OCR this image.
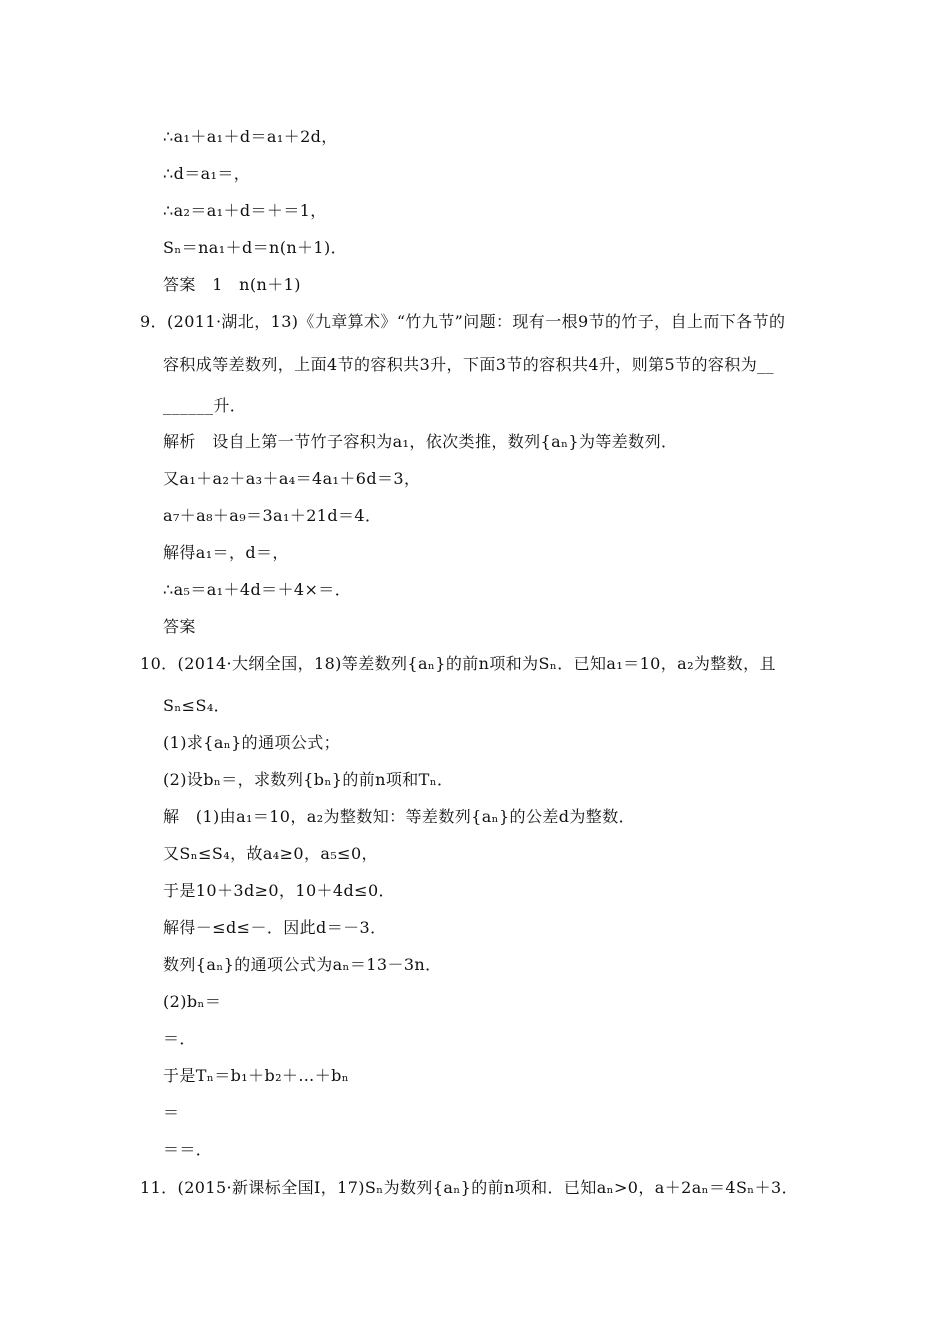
∴a₁＋a₁＋d＝a₁＋2d，
∴d＝a₁＝，
∴a₂＝a₁＋d＝＋＝1，
Sₙ＝na₁＋d＝n(n＋1)．
答案　1　n(n＋1)
9．(2011·湖北，13)《九章算术》“竹九节”问题：现有一根9节的竹子，自上而下各节的
容积成等差数列，上面4节的容积共3升，下面3节的容积共4升，则第5节的容积为__
______升．
解析　设自上第一节竹子容积为a₁，依次类推，数列{aₙ}为等差数列．
又a₁＋a₂＋a₃＋a₄＝4a₁＋6d＝3，
a₇＋a₈＋a₉＝3a₁＋21d＝4．
解得a₁＝，d＝，
∴a₅＝a₁＋4d＝＋4×＝．
答案
10．(2014·大纲全国，18)等差数列{aₙ}的前n项和为Sₙ．已知a₁＝10，a₂为整数，且
Sₙ≤S₄．
(1)求{aₙ}的通项公式；
(2)设bₙ＝，求数列{bₙ}的前n项和Tₙ．
解　(1)由a₁＝10，a₂为整数知：等差数列{aₙ}的公差d为整数．
又Sₙ≤S₄，故a₄≥0，a₅≤0，
于是10＋3d≥0，10＋4d≤0．
解得－≤d≤－．因此d＝－3．
数列{aₙ}的通项公式为aₙ＝13－3n．
(2)bₙ＝
＝．
于是Tₙ＝b₁＋b₂＋…＋bₙ
＝
＝＝．
11．(2015·新课标全国Ⅰ，17)Sₙ为数列{aₙ}的前n项和．已知aₙ>0，a＋2aₙ＝4Sₙ＋3．
